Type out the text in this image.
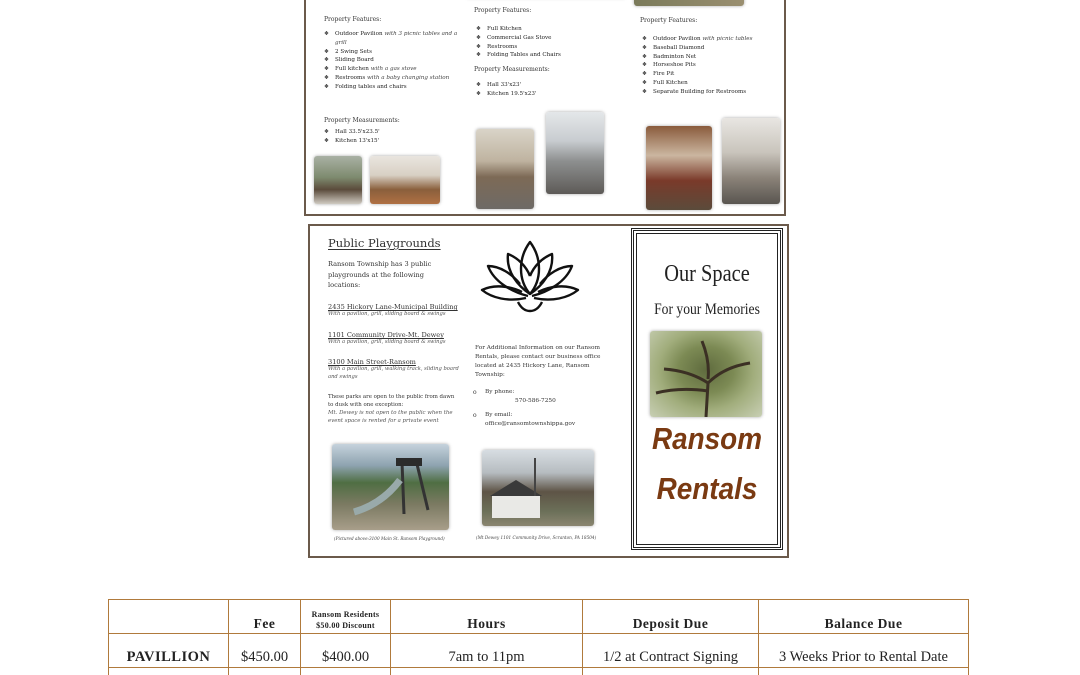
Property Features:
❖ Outdoor Pavilion with 3 picnic tables and a grill
❖ 2 Swing Sets
❖ Sliding Board
❖ Full kitchen with a gas stove
❖ Restrooms with a baby changing station
❖ Folding tables and chairs
Property Measurements:
❖ Hall 33.5'x23.5'
❖ Kitchen 13'x15'
Property Features:
❖ Full Kitchen
❖ Commercial Gas Stove
❖ Restrooms
❖ Folding Tables and Chairs
Property Measurements:
❖ Hall 33'x23'
❖ Kitchen 19.5'x23'
Property Features:
❖ Outdoor Pavilion with picnic tables
❖ Baseball Diamond
❖ Badminton Net
❖ Horseshoe Pits
❖ Fire Pit
❖ Full Kitchen
❖ Separate Building for Restrooms
Public Playgrounds
Ransom Township has 3 public playgrounds at the following locations:
2435 Hickory Lane-Municipal Building
With a pavilion, grill, sliding board & swings
1101 Community Drive-Mt. Dewey
With a pavilion, grill, sliding board & swings
3100 Main Street-Ransom
With a pavilion, grill, walking track, sliding board and swings
These parks are open to the public from dawn to dusk with one exception:
Mt. Dewey is not open to the public when the event space is rented for a private event
(Pictured above:3100 Main St. Ransom Playground)
For Additional Information on our Ransom Rentals, please contact our business office located at 2435 Hickory Lane, Ransom Township:
o By phone:
570-586-7250
o By email:
office@ransomtownshippa.gov
(Mt Dewey 1101 Community Drive, Scranton, PA 18504)
Our Space
For your Memories
Ransom
Rentals
	Fee	Ransom Residents $50.00 Discount	Hours	Deposit Due	Balance Due
PAVILLION	$450.00	$400.00	7am to 11pm	1/2 at Contract Signing	3 Weeks Prior to Rental Date
